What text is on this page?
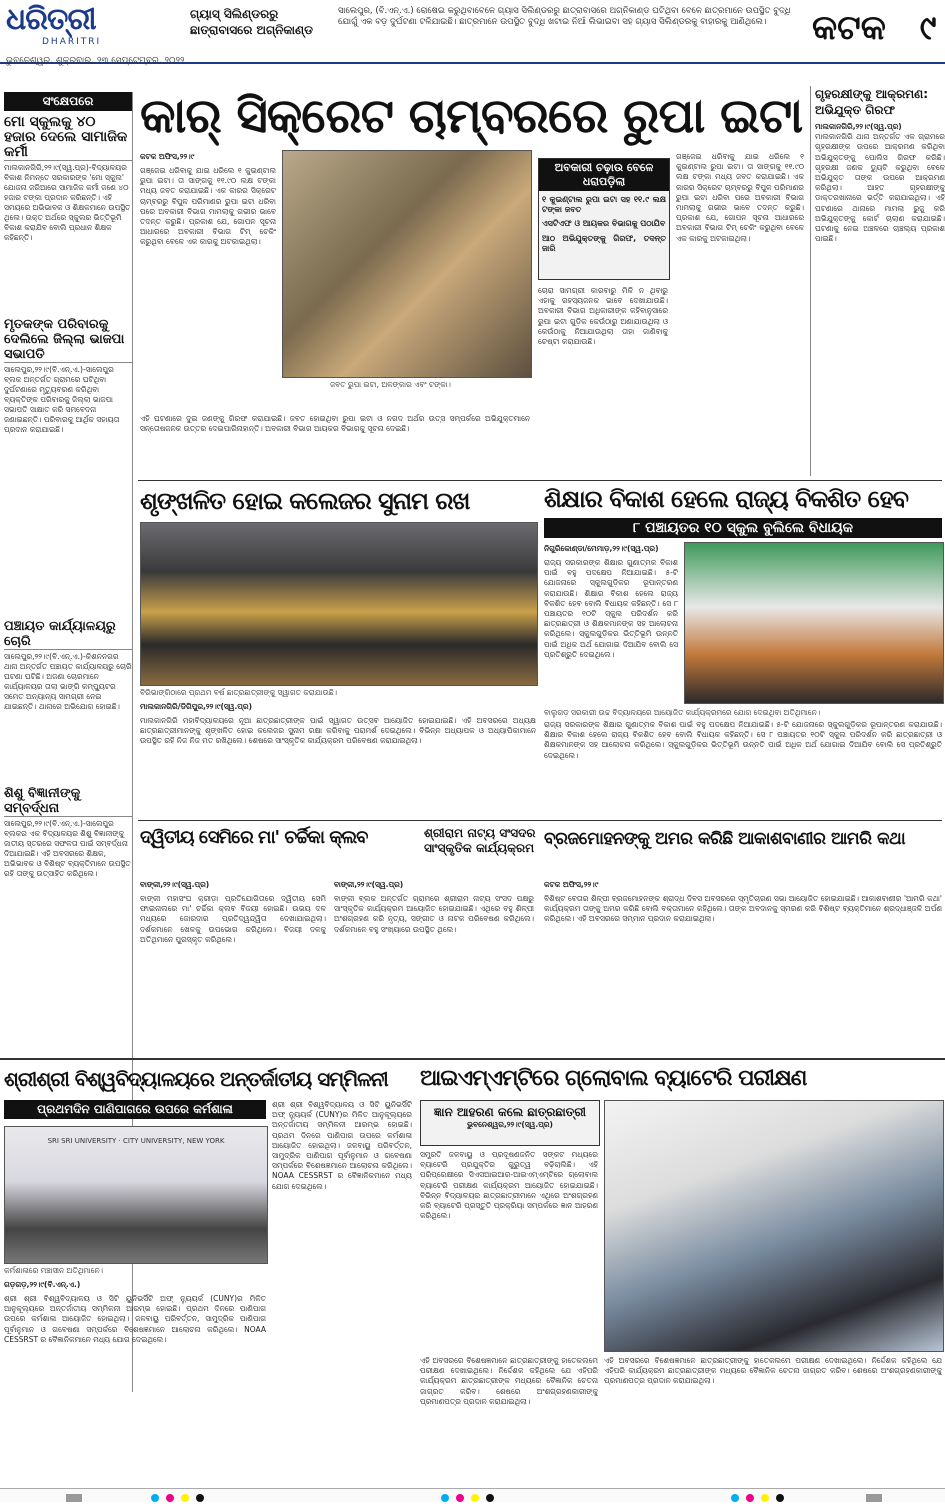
ଧରିତ୍ରୀ
DHARITRI
ଗ୍ୟାସ୍ ସିଲିଣ୍ଡରରୁ
ଛାତ୍ରାବାସରେ ଅଗ୍ନିକାଣ୍ଡ
ସାଲେପୁର, (ବି.ଏନ୍.ଏ.) ରୋଷେଇ କରୁଥିବାବେଳେ ଗ୍ୟାସ ସିଲିଣ୍ଡରରୁ ଛାତ୍ରାବାସରେ ଅଗ୍ନିକାଣ୍ଡ ଘଟିଥିବା ବେଳେ ଛାତ୍ରମାନେ ଉପସ୍ଥିତ ବୁଦ୍ଧି ଯୋଗୁଁ ଏକ ବଡ଼ ଦୁର୍ଘଟଣା ଟଳିଯାଇଛି। ଛାତ୍ରମାନେ ଉପସ୍ଥିତ ବୁଦ୍ଧି ଖଟାଇ ନିଆଁ ଲିଭାଇବା ସହ ଗ୍ୟାସ ସିଲିଣ୍ଡରକୁ ବାହାରକୁ ଆଣିଥିଲେ।	କଟକ ୯
ଭୁବନେଶ୍ୱର, ଶୁକ୍ରବାର, ୨୩ ସେପ୍ଟେମ୍ବର, ୨୦୨୨
ସଂକ୍ଷେପରେ
ମୋ ସ୍କୁଲକୁ ୪୦ ହଜାର ଦେଲେ ସାମାଜିକ କର୍ମୀ
ମାଲକାନଗିରି,୨୨।୯(ସ୍ୱ.ପ୍ର)-ବିଦ୍ୟାଳୟର ବିକାଶ ନିମନ୍ତେ ସରକାରଙ୍କ 'ମୋ ସ୍କୁଲ' ଯୋଜନା ଜରିଆରେ ସାମାଜିକ କର୍ମୀ ଜଣେ ୪୦ ହଜାର ଟଙ୍କା ପ୍ରଦାନ କରିଛନ୍ତି। ଏହି ସମୟରେ ଅଭିଭାବକ ଓ ଶିକ୍ଷକମାନେ ଉପସ୍ଥିତ ଥିଲେ। ଉକ୍ତ ଅର୍ଥରେ ସ୍କୁଲର ଭିତ୍ତିଭୂମି ବିକାଶ କରାଯିବ ବୋଲି ପ୍ରଧାନ ଶିକ୍ଷକ କହିଛନ୍ତି।
ମୃତକଙ୍କ ପରିବାରକୁ ଦେଲିଲେ ଜିଲ୍ଲା ଭାଜପା ସଭାପତି
ସାଲେପୁର,୨୨।୯(ବି.ଏନ୍.ଏ.)-ସାଲେପୁର ବ୍ଲକ ଅନ୍ତର୍ଗତ ଗ୍ରାମରେ ଘଟିଥିବା ଦୁର୍ଘଟଣାରେ ମୃତ୍ୟୁବରଣ କରିଥିବା ବ୍ୟକ୍ତିଙ୍କ ପରିବାରକୁ ଜିଲ୍ଲା ଭାଜପା ସଭାପତି ସାକ୍ଷାତ କରି ସମବେଦନା ଜଣାଇଛନ୍ତି। ପରିବାରକୁ ଆର୍ଥିକ ସହାୟତା ପ୍ରଦାନ କରାଯାଇଛି।
ପଞ୍ଚାୟତ କାର୍ଯ୍ୟାଳୟରୁ ଚୋରି
ସାଲେପୁର,୨୨।୯(ବି.ଏନ୍.ଏ.)-କିଶନନଗର ଥାନା ଅନ୍ତର୍ଗତ ପଞ୍ଚାୟତ କାର୍ଯ୍ୟାଳୟରୁ ଚୋରି ଘଟଣା ଘଟିଛି। ଅଜଣା ଚୋରମାନେ କାର୍ଯ୍ୟାଳୟର ତାଲା ଭାଙ୍ଗି କମ୍ପ୍ୟୁଟର ସମେତ ଅନ୍ୟାନ୍ୟ ସାମଗ୍ରୀ ନେଇ ଯାଇଛନ୍ତି। ଥାନାରେ ଅଭିଯୋଗ ହୋଇଛି।
ଶିଶୁ ବିଜ୍ଞାନୀଙ୍କୁ ସମ୍ବର୍ଦ୍ଧନା
ସାଲେପୁର,୨୨।୯(ବି.ଏନ୍.ଏ.)-ସାଲେପୁର ବ୍ଲକର ଏକ ବିଦ୍ୟାଳୟର ଶିଶୁ ବିଜ୍ଞାନୀଙ୍କୁ ଜାତୀୟ ସ୍ତରରେ ସଫଳତା ପାଇଁ ସମ୍ବର୍ଦ୍ଧନା ଦିଆଯାଇଛି। ଏହି ଅବସରରେ ଶିକ୍ଷକ, ଅଭିଭାବକ ଓ ବିଶିଷ୍ଟ ବ୍ୟକ୍ତିମାନେ ଉପସ୍ଥିତ ରହି ତାଙ୍କୁ ଉତ୍ସାହିତ କରିଥିଲେ।
କାର୍ ସିକ୍ରେଟ ଚାମ୍ବରରେ ରୁପା ଇଟା
କଟକ ଅଫିସ,୨୨।୯
ଗଞ୍ଜେଇ ଧରିବାକୁ ଯାଇ ଧରିଲେ ୧ କୁଇଣ୍ଟାଲ ରୁପା ଇଟା। ତା ସାଙ୍ଗକୁ ୧୧.୯୦ ଲକ୍ଷ ଟଙ୍କା ମଧ୍ୟ ଜବତ କରାଯାଇଛି। ଏକ କାରର ସିକ୍ରେଟ ଚାମ୍ବରରୁ ବିପୁଳ ପରିମାଣର ରୁପା ଇଟା ଧରିବା ପରେ ଅବକାରୀ ବିଭାଗ ମାମଲାକୁ ଗଭୀର ଭାବେ ତଦନ୍ତ କରୁଛି। ପ୍ରକାଶ ଯେ, ଗୋପନ ସୂଚନା ଆଧାରରେ ଅବକାରୀ ବିଭାଗ ଟିମ୍ ଚେକିଂ କରୁଥିବା ବେଳେ ଏକ କାରକୁ ଅଟକାଇଥିଲା।
ଜବତ ରୁପା ଇଟା, ଅଳଙ୍କାର ଏବଂ ଟଙ୍କା।
ଏହି ଘଟଣାରେ ଦୁଇ ଜଣଙ୍କୁ ଗିରଫ କରାଯାଇଛି। ଜବତ ହୋଇଥିବା ରୁପା ଇଟା ଓ ନଗଦ ଅର୍ଥର ଉତ୍ସ ସମ୍ପର୍କରେ ଅଭିଯୁକ୍ତମାନେ ସନ୍ତୋଷଜନକ ଉତ୍ତର ଦେଇପାରିନାହାନ୍ତି। ଅବକାରୀ ବିଭାଗ ଆୟକର ବିଭାଗକୁ ସୂଚନା ଦେଇଛି।
ଅବକାରୀ ଚଢ଼ାଉ ବେଳେ ଧରାପଡ଼ିଲା
୧ କୁଇଣ୍ଟାଲ ରୁପା ଇଟା ସହ ୧୧.୯ ଲକ୍ଷ ଟଙ୍କା ଜବତ
ଏସଟିଏଫ ଓ ଆୟକର ବିଭାଗକୁ ପଠାଯିବ
ଆଠ ଅଭିଯୁକ୍ତଙ୍କୁ ଗିରଫ, ତଦନ୍ତ ଜାରି
ଚୋରା ସାମଗ୍ରୀ କାରବାରୁ ମିଳି ନ ଥିବାରୁ ଏହାକୁ ରହସ୍ୟଜନକ ଭାବେ ଦେଖାଯାଉଛି। ଅବକାରୀ ବିଭାଗ ଅଧିକାରୀଙ୍କ କହିବାନୁସାରେ ରୁପା ଇଟା ଗୁଡ଼ିକ କେଉଁଠାରୁ ଅଣାଯାଉଥିଲା ଓ କେଉଁଠାକୁ ନିଆଯାଉଥିଲା ତାହା ଜାଣିବାକୁ ଚେଷ୍ଟା କରାଯାଉଛି।
ଗଞ୍ଜେଇ ଧରିବାକୁ ଯାଇ ଧରିଲେ ୧ କୁଇଣ୍ଟାଲ ରୁପା ଇଟା। ତା ସାଙ୍ଗକୁ ୧୧.୯୦ ଲକ୍ଷ ଟଙ୍କା ମଧ୍ୟ ଜବତ କରାଯାଇଛି। ଏକ କାରର ସିକ୍ରେଟ ଚାମ୍ବରରୁ ବିପୁଳ ପରିମାଣର ରୁପା ଇଟା ଧରିବା ପରେ ଅବକାରୀ ବିଭାଗ ମାମଲାକୁ ଗଭୀର ଭାବେ ତଦନ୍ତ କରୁଛି। ପ୍ରକାଶ ଯେ, ଗୋପନ ସୂଚନା ଆଧାରରେ ଅବକାରୀ ବିଭାଗ ଟିମ୍ ଚେକିଂ କରୁଥିବା ବେଳେ ଏକ କାରକୁ ଅଟକାଇଥିଲା।
ଗୃହରକ୍ଷୀଙ୍କୁ ଆକ୍ରମଣ: ଅଭିଯୁକ୍ତ ଗିରଫ
ମାଲକାନଗିରି,୨୨।୯(ସ୍ୱ.ପ୍ର)
ମାଲକାନଗିରି ଥାନା ଅନ୍ତର୍ଗତ ଏକ ଗ୍ରାମରେ ଗୃହରକ୍ଷୀଙ୍କ ଉପରେ ଆକ୍ରମଣ କରିଥିବା ଅଭିଯୁକ୍ତଙ୍କୁ ପୋଲିସ ଗିରଫ କରିଛି। ଗୃହରକ୍ଷୀ ଜଣକ ଡ୍ୟୁଟି କରୁଥିବା ବେଳେ ଅଭିଯୁକ୍ତ ତାଙ୍କ ଉପରେ ଆକ୍ରମଣ କରିଥିଲା। ଆହତ ଗୃହରକ୍ଷୀଙ୍କୁ ଡାକ୍ତରଖାନାରେ ଭର୍ତ୍ତି କରାଯାଇଥିଲା। ଏହି ଘଟଣାରେ ଥାନାରେ ମାମଲା ରୁଜୁ କରି ଅଭିଯୁକ୍ତଙ୍କୁ କୋର୍ଟ ଚାଲାଣ କରାଯାଇଛି। ଘଟଣାକୁ ନେଇ ଅଞ୍ଚଳରେ ଚାଞ୍ଚଲ୍ୟ ପ୍ରକାଶ ପାଇଛି।
ଶୃଙ୍ଖଳିତ ହୋଇ କଲେଜର ସୁନାମ ରଖ
ବିରିଭାଙ୍ଗିଠାରେ ପ୍ରଥମ ବର୍ଷ ଛାତ୍ରଛାତ୍ରୀଙ୍କୁ ସ୍ୱାଗତ କରାଯାଉଛି।
ମାଲକାନଗିରି/ଡିଗିପୁର,୨୨।୯(ସ୍ୱ.ପ୍ର)
ମାଲକାନଗିରି ମହାବିଦ୍ୟାଳୟରେ ନୂଆ ଛାତ୍ରଛାତ୍ରୀଙ୍କ ପାଇଁ ସ୍ୱାଗତ ଉତ୍ସବ ଆୟୋଜିତ ହୋଇଯାଇଛି। ଏହି ଅବସରରେ ଅଧ୍ୟକ୍ଷ ଛାତ୍ରଛାତ୍ରୀମାନଙ୍କୁ ଶୃଙ୍ଖଳିତ ହୋଇ କଲେଜର ସୁନାମ ରକ୍ଷା କରିବାକୁ ପରାମର୍ଶ ଦେଇଥିଲେ। ବିଭିନ୍ନ ଅଧ୍ୟାପକ ଓ ଅଧ୍ୟାପିକାମାନେ ଉପସ୍ଥିତ ରହି ନିଜ ନିଜ ମତ ରଖିଥିଲେ। ଶେଷରେ ସାଂସ୍କୃତିକ କାର୍ଯ୍ୟକ୍ରମ ପରିବେଷଣ କରାଯାଇଥିଲା।
ଶିକ୍ଷାର ବିକାଶ ହେଲେ ରାଜ୍ୟ ବିକଶିତ ହେବ
୮ ପଞ୍ଚାୟତର ୧୦ ସ୍କୁଲ ବୁଲିଲେ ବିଧାୟକ
ନିଗୁରିକୋଣ୍ଡା/ମେମାଡ଼,୨୨।୯(ସ୍ୱ.ପ୍ର)
ରାଜ୍ୟ ସରକାରଙ୍କ ଶିକ୍ଷାର ଗୁଣାତ୍ମକ ବିକାଶ ପାଇଁ ବହୁ ପଦକ୍ଷେପ ନିଆଯାଇଛି। ୫-ଟି ଯୋଜନାରେ ସ୍କୁଲଗୁଡ଼ିକର ରୂପାନ୍ତରଣ କରାଯାଉଛି। ଶିକ୍ଷାର ବିକାଶ ହେଲେ ରାଜ୍ୟ ବିକଶିତ ହେବ ବୋଲି ବିଧାୟକ କହିଛନ୍ତି। ସେ ୮ ପଞ୍ଚାୟତର ୧୦ଟି ସ୍କୁଲ ପରିଦର୍ଶନ କରି ଛାତ୍ରଛାତ୍ରୀ ଓ ଶିକ୍ଷକମାନଙ୍କ ସହ ଆଲୋଚନା କରିଥିଲେ। ସ୍କୁଲଗୁଡ଼ିକର ଭିତ୍ତିଭୂମି ଉନ୍ନତି ପାଇଁ ଅଧିକ ଅର୍ଥ ଯୋଗାଇ ଦିଆଯିବ ବୋଲି ସେ ପ୍ରତିଶ୍ରୁତି ଦେଇଥିଲେ।
ବାଲୁଗଡ଼ ସରକାରୀ ଉଚ୍ଚ ବିଦ୍ୟାଳୟରେ ଆୟୋଜିତ କାର୍ଯ୍ୟକ୍ରମରେ ଯୋଗ ଦେଇଥିବା ଅତିଥିମାନେ।
ରାଜ୍ୟ ସରକାରଙ୍କ ଶିକ୍ଷାର ଗୁଣାତ୍ମକ ବିକାଶ ପାଇଁ ବହୁ ପଦକ୍ଷେପ ନିଆଯାଇଛି। ୫-ଟି ଯୋଜନାରେ ସ୍କୁଲଗୁଡ଼ିକର ରୂପାନ୍ତରଣ କରାଯାଉଛି। ଶିକ୍ଷାର ବିକାଶ ହେଲେ ରାଜ୍ୟ ବିକଶିତ ହେବ ବୋଲି ବିଧାୟକ କହିଛନ୍ତି। ସେ ୮ ପଞ୍ଚାୟତର ୧୦ଟି ସ୍କୁଲ ପରିଦର୍ଶନ କରି ଛାତ୍ରଛାତ୍ରୀ ଓ ଶିକ୍ଷକମାନଙ୍କ ସହ ଆଲୋଚନା କରିଥିଲେ। ସ୍କୁଲଗୁଡ଼ିକର ଭିତ୍ତିଭୂମି ଉନ୍ନତି ପାଇଁ ଅଧିକ ଅର୍ଥ ଯୋଗାଇ ଦିଆଯିବ ବୋଲି ସେ ପ୍ରତିଶ୍ରୁତି ଦେଇଥିଲେ।
ଦ୍ୱିତୀୟ ସେମିରେ ମା' ଚର୍ଚ୍ଚିକା କ୍ଲବ
ବାଙ୍କୀ,୨୨।୯(ସ୍ୱ.ପ୍ର)
ବାଙ୍କୀ ମହାସଂଘ କ୍ରୀଡ଼ା ପ୍ରତିଯୋଗିତାରେ ଦ୍ୱିତୀୟ ସେମି ଫାଇନାଲରେ ମା' ଚର୍ଚ୍ଚିକା କ୍ଲବ ବିଜୟୀ ହୋଇଛି। ଉଭୟ ଦଳ ମଧ୍ୟରେ ଜୋରଦାର ପ୍ରତିଦ୍ୱନ୍ଦ୍ୱିତା ଦେଖାଯାଇଥିଲା। ଦର୍ଶକମାନେ ଖେଳକୁ ଉପଭୋଗ କରିଥିଲେ। ବିଜୟୀ ଦଳକୁ ଅତିଥିମାନେ ପୁରସ୍କୃତ କରିଥିଲେ।
ଶ୍ରୀରାମ ନାଟ୍ୟ ସଂସଦର ସାଂସ୍କୃତିକ କାର୍ଯ୍ୟକ୍ରମ
ବାଙ୍କୀ,୨୨।୯(ସ୍ୱ.ପ୍ର)
ବାଙ୍କୀ ବ୍ଲକ ଅନ୍ତର୍ଗତ ଗ୍ରାମରେ ଶ୍ରୀରାମ ନାଟ୍ୟ ସଂସଦ ପକ୍ଷରୁ ସାଂସ୍କୃତିକ କାର୍ଯ୍ୟକ୍ରମ ଆୟୋଜିତ ହୋଇଯାଇଛି। ଏଥିରେ ବହୁ ଶିଳ୍ପୀ ଅଂଶଗ୍ରହଣ କରି ନୃତ୍ୟ, ସଙ୍ଗୀତ ଓ ନାଟକ ପରିବେଷଣ କରିଥିଲେ। ଦର୍ଶକମାନେ ବହୁ ସଂଖ୍ୟାରେ ଉପସ୍ଥିତ ଥିଲେ।
ବ୍ରଜମୋହନଙ୍କୁ ଅମର କରିଛି ଆକାଶବାଣୀର ଆମରି କଥା
କଟକ ଅଫିସ,୨୨।୯
ବିଶିଷ୍ଟ ବେତାର ଶିଳ୍ପୀ ବ୍ରଜମୋହନଙ୍କ ଶ୍ରାଦ୍ଧ ଦିବସ ଅବସରରେ ସ୍ମୃତିଚାରଣ ସଭା ଆୟୋଜିତ ହୋଇଯାଇଛି। ଆକାଶବାଣୀର 'ଆମରି କଥା' କାର୍ଯ୍ୟକ୍ରମ ତାଙ୍କୁ ଅମର କରିଛି ବୋଲି ବକ୍ତାମାନେ କହିଥିଲେ। ତାଙ୍କ ଅବଦାନକୁ ସ୍ମରଣ କରି ବିଶିଷ୍ଟ ବ୍ୟକ୍ତିମାନେ ଶ୍ରଦ୍ଧାଞ୍ଜଳି ଅର୍ପଣ କରିଥିଲେ। ଏହି ଅବସରରେ ସମ୍ମାନ ପ୍ରଦାନ କରାଯାଇଥିଲା।
ଶ୍ରୀଶ୍ରୀ ବିଶ୍ୱବିଦ୍ୟାଳୟରେ ଅନ୍ତର୍ଜାତୀୟ ସମ୍ମିଳନୀ
ପ୍ରଥମଦିନ ପାଣିପାଗରେ ଉପରେ କର୍ମଶାଳା
SRI SRI UNIVERSITY · CITY UNIVERSITY, NEW YORK
କର୍ମଶାଳାରେ ମଞ୍ଚାସୀନ ଅତିଥିମାନେ।
ଗଡ଼ଗଡ଼,୨୨।୯(ବି.ଏନ୍.ଏ.)
ଶ୍ରୀ ଶ୍ରୀ ବିଶ୍ୱବିଦ୍ୟାଳୟ ଓ ସିଟି ୟୁନିଭର୍ସିଟି ଅଫ୍ ନ୍ୟୁୟର୍କ (CUNY)ର ମିଳିତ ଆନୁକୂଲ୍ୟରେ ଅନ୍ତର୍ଜାତୀୟ ସମ୍ମିଳନୀ ଆରମ୍ଭ ହୋଇଛି। ପ୍ରଥମ ଦିନରେ ପାଣିପାଗ ଉପରେ କର୍ମଶାଳା ଆୟୋଜିତ ହୋଇଥିଲା। ଜଳବାୟୁ ପରିବର୍ତ୍ତନ, ସାମୁଦ୍ରିକ ପାଣିପାଗ ପୂର୍ବାନୁମାନ ଓ ଗବେଷଣା ସମ୍ପର୍କରେ ବିଶେଷଜ୍ଞମାନେ ଆଲୋଚନା କରିଥିଲେ। NOAA CESSRST ର ବୈଜ୍ଞାନିକମାନେ ମଧ୍ୟ ଯୋଗ ଦେଇଥିଲେ।
ଶ୍ରୀ ଶ୍ରୀ ବିଶ୍ୱବିଦ୍ୟାଳୟ ଓ ସିଟି ୟୁନିଭର୍ସିଟି ଅଫ୍ ନ୍ୟୁୟର୍କ (CUNY)ର ମିଳିତ ଆନୁକୂଲ୍ୟରେ ଅନ୍ତର୍ଜାତୀୟ ସମ୍ମିଳନୀ ଆରମ୍ଭ ହୋଇଛି। ପ୍ରଥମ ଦିନରେ ପାଣିପାଗ ଉପରେ କର୍ମଶାଳା ଆୟୋଜିତ ହୋଇଥିଲା। ଜଳବାୟୁ ପରିବର୍ତ୍ତନ, ସାମୁଦ୍ରିକ ପାଣିପାଗ ପୂର୍ବାନୁମାନ ଓ ଗବେଷଣା ସମ୍ପର୍କରେ ବିଶେଷଜ୍ଞମାନେ ଆଲୋଚନା କରିଥିଲେ। NOAA CESSRST ର ବୈଜ୍ଞାନିକମାନେ ମଧ୍ୟ ଯୋଗ ଦେଇଥିଲେ।
ଆଇଏମ୍ଏମ୍‌ଟିରେ ଗ୍ଲୋବାଲ ବ୍ୟାଟେରି ପରୀକ୍ଷଣ
ଜ୍ଞାନ ଆହରଣ କଲେ ଛାତ୍ରଛାତ୍ରୀ
ଭୁବନେଶ୍ୱର,୨୨।୯(ସ୍ୱ.ପ୍ର)
ସମ୍ପ୍ରତି ଜଳବାୟୁ ଓ ପ୍ରଦୂଷଣଜନିତ ସଙ୍କଟ ମଧ୍ୟରେ ବ୍ୟାଟେରି ପ୍ରଯୁକ୍ତିର ଗୁରୁତ୍ୱ ବଢ଼ିଚାଲିଛି। ଏହି ପରିପ୍ରେକ୍ଷୀରେ ସିଏସଆଇଆର-ଆଇଏମ୍ଏମ୍‌ଟିରେ ଗ୍ଲୋବାଲ ବ୍ୟାଟେରି ପରୀକ୍ଷଣ କାର୍ଯ୍ୟକ୍ରମ ଆୟୋଜିତ ହୋଇଯାଇଛି। ବିଭିନ୍ନ ବିଦ୍ୟାଳୟର ଛାତ୍ରଛାତ୍ରୀମାନେ ଏଥିରେ ଅଂଶଗ୍ରହଣ କରି ବ୍ୟାଟେରି ପ୍ରସ୍ତୁତି ପ୍ରକ୍ରିୟା ସମ୍ପର୍କରେ ଜ୍ଞାନ ଆହରଣ କରିଥିଲେ।
ଏହି ଅବସରରେ ବିଶେଷଜ୍ଞମାନେ ଛାତ୍ରଛାତ୍ରୀଙ୍କୁ ହାତେକଲମେ ପରୀକ୍ଷଣ ଦେଖାଇଥିଲେ। ନିର୍ଦ୍ଦେଶକ କହିଥିଲେ ଯେ ଏହିପରି କାର୍ଯ୍ୟକ୍ରମ ଛାତ୍ରଛାତ୍ରୀଙ୍କ ମଧ୍ୟରେ ବୈଜ୍ଞାନିକ ଚେତନା ଜାଗ୍ରତ କରିବ। ଶେଷରେ ଅଂଶଗ୍ରହଣକାରୀଙ୍କୁ ପ୍ରମାଣପତ୍ର ପ୍ରଦାନ କରାଯାଇଥିଲା।
ଏହି ଅବସରରେ ବିଶେଷଜ୍ଞମାନେ ଛାତ୍ରଛାତ୍ରୀଙ୍କୁ ହାତେକଲମେ ପରୀକ୍ଷଣ ଦେଖାଇଥିଲେ। ନିର୍ଦ୍ଦେଶକ କହିଥିଲେ ଯେ ଏହିପରି କାର୍ଯ୍ୟକ୍ରମ ଛାତ୍ରଛାତ୍ରୀଙ୍କ ମଧ୍ୟରେ ବୈଜ୍ଞାନିକ ଚେତନା ଜାଗ୍ରତ କରିବ। ଶେଷରେ ଅଂଶଗ୍ରହଣକାରୀଙ୍କୁ ପ୍ରମାଣପତ୍ର ପ୍ରଦାନ କରାଯାଇଥିଲା।
